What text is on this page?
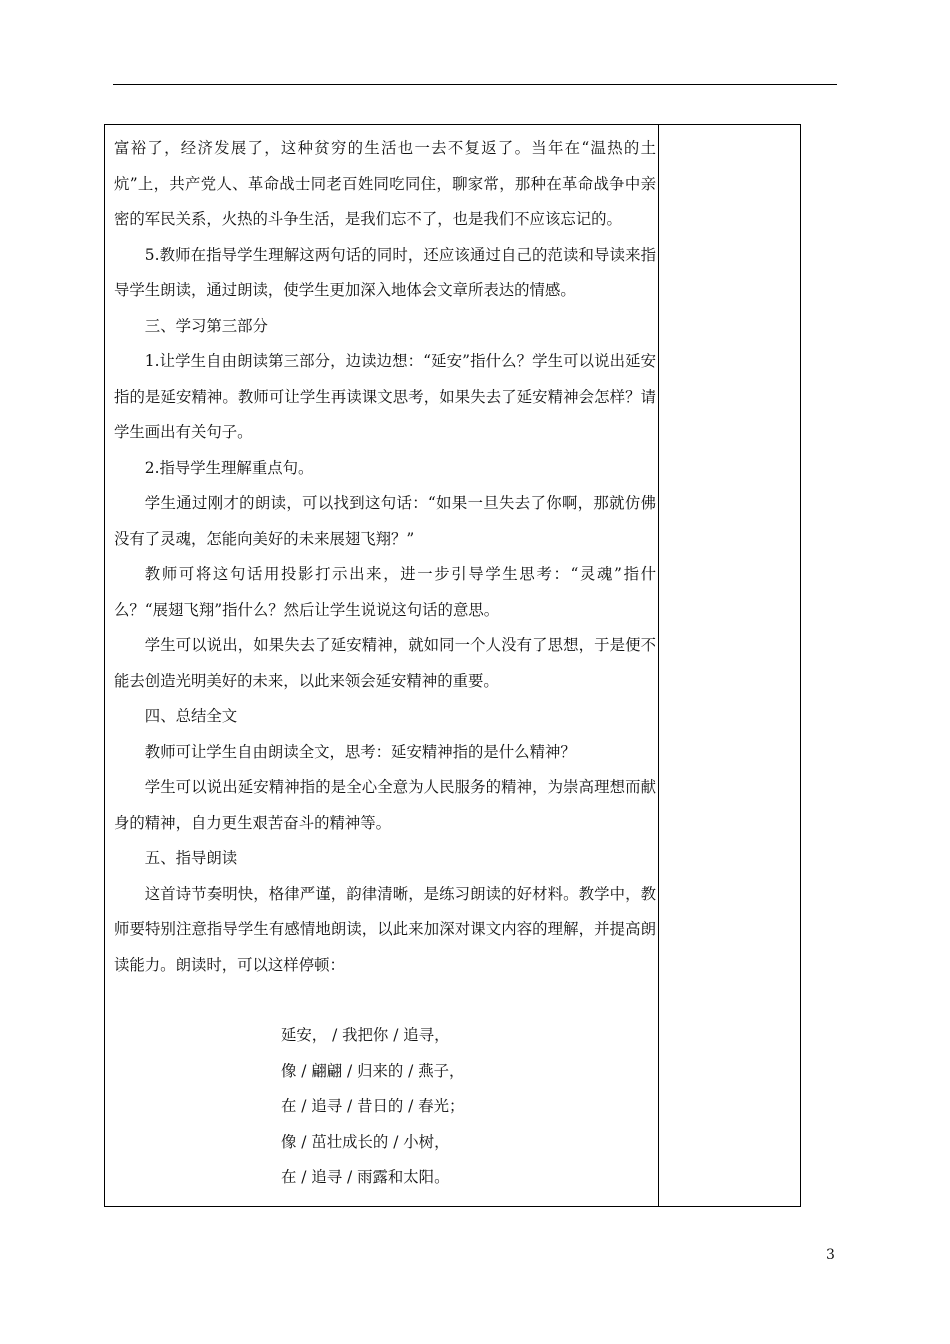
富裕了，经济发展了，这种贫穷的生活也一去不复返了。当年在“温热的土炕”上，共产党人、革命战士同老百姓同吃同住，聊家常，那种在革命战争中亲密的军民关系，火热的斗争生活，是我们忘不了，也是我们不应该忘记的。

5.教师在指导学生理解这两句话的同时，还应该通过自己的范读和导读来指导学生朗读，通过朗读，使学生更加深入地体会文章所表达的情感。

三、学习第三部分

1.让学生自由朗读第三部分，边读边想：“延安”指什么？学生可以说出延安指的是延安精神。教师可让学生再读课文思考，如果失去了延安精神会怎样？请学生画出有关句子。

2.指导学生理解重点句。

学生通过刚才的朗读，可以找到这句话：“如果一旦失去了你啊，那就仿佛没有了灵魂，怎能向美好的未来展翅飞翔？”

教师可将这句话用投影打示出来，进一步引导学生思考：“灵魂”指什么？“展翅飞翔”指什么？然后让学生说说这句话的意思。

学生可以说出，如果失去了延安精神，就如同一个人没有了思想，于是便不能去创造光明美好的未来，以此来领会延安精神的重要。

四、总结全文

教师可让学生自由朗读全文，思考：延安精神指的是什么精神？

学生可以说出延安精神指的是全心全意为人民服务的精神，为崇高理想而献身的精神，自力更生艰苦奋斗的精神等。

五、指导朗读

这首诗节奏明快，格律严谨，韵律清晰，是练习朗读的好材料。教学中，教师要特别注意指导学生有感情地朗读，以此来加深对课文内容的理解，并提高朗读能力。朗读时，可以这样停顿：

延安， / 我把你 / 追寻，

像 / 翩翩 / 归来的 / 燕子，

在 / 追寻 / 昔日的 / 春光；

像 / 茁壮成长的 / 小树，

在 / 追寻 / 雨露和太阳。

3
